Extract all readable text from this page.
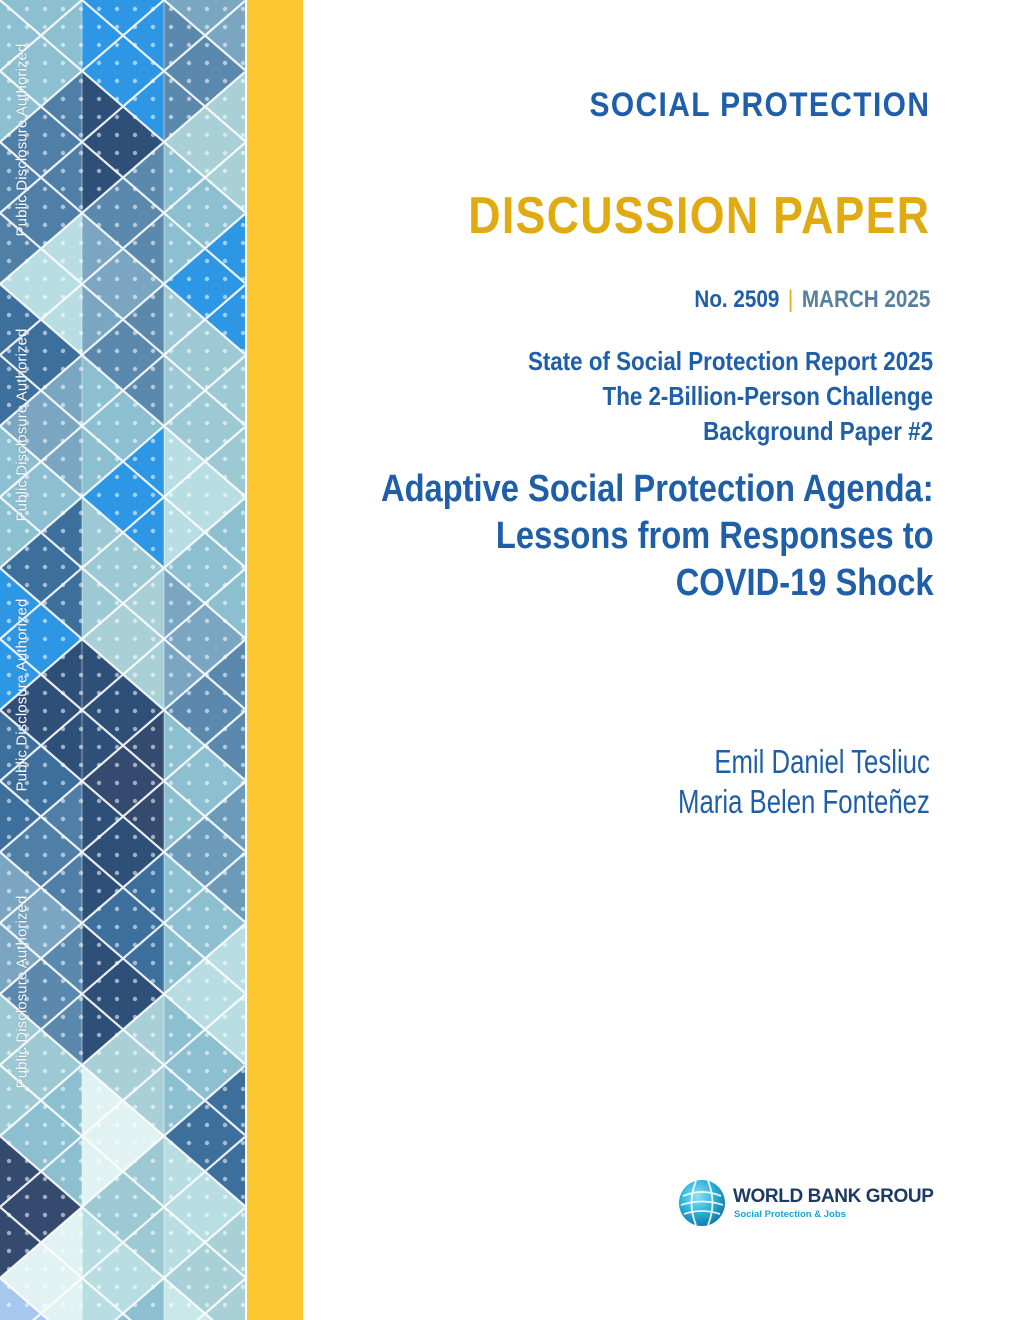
Public Disclosure Authorized
Public Disclosure Authorized
Public Disclosure Authorized
Public Disclosure Authorized
SOCIAL PROTECTION
DISCUSSION PAPER
No. 2509 | MARCH 2025
State of Social Protection Report 2025
The 2-Billion-Person Challenge
Background Paper #2
Adaptive Social Protection Agenda:
Lessons from Responses to
COVID-19 Shock
Emil Daniel Tesliuc
Maria Belen Fonteñez
WORLD BANK GROUP
Social Protection & Jobs
